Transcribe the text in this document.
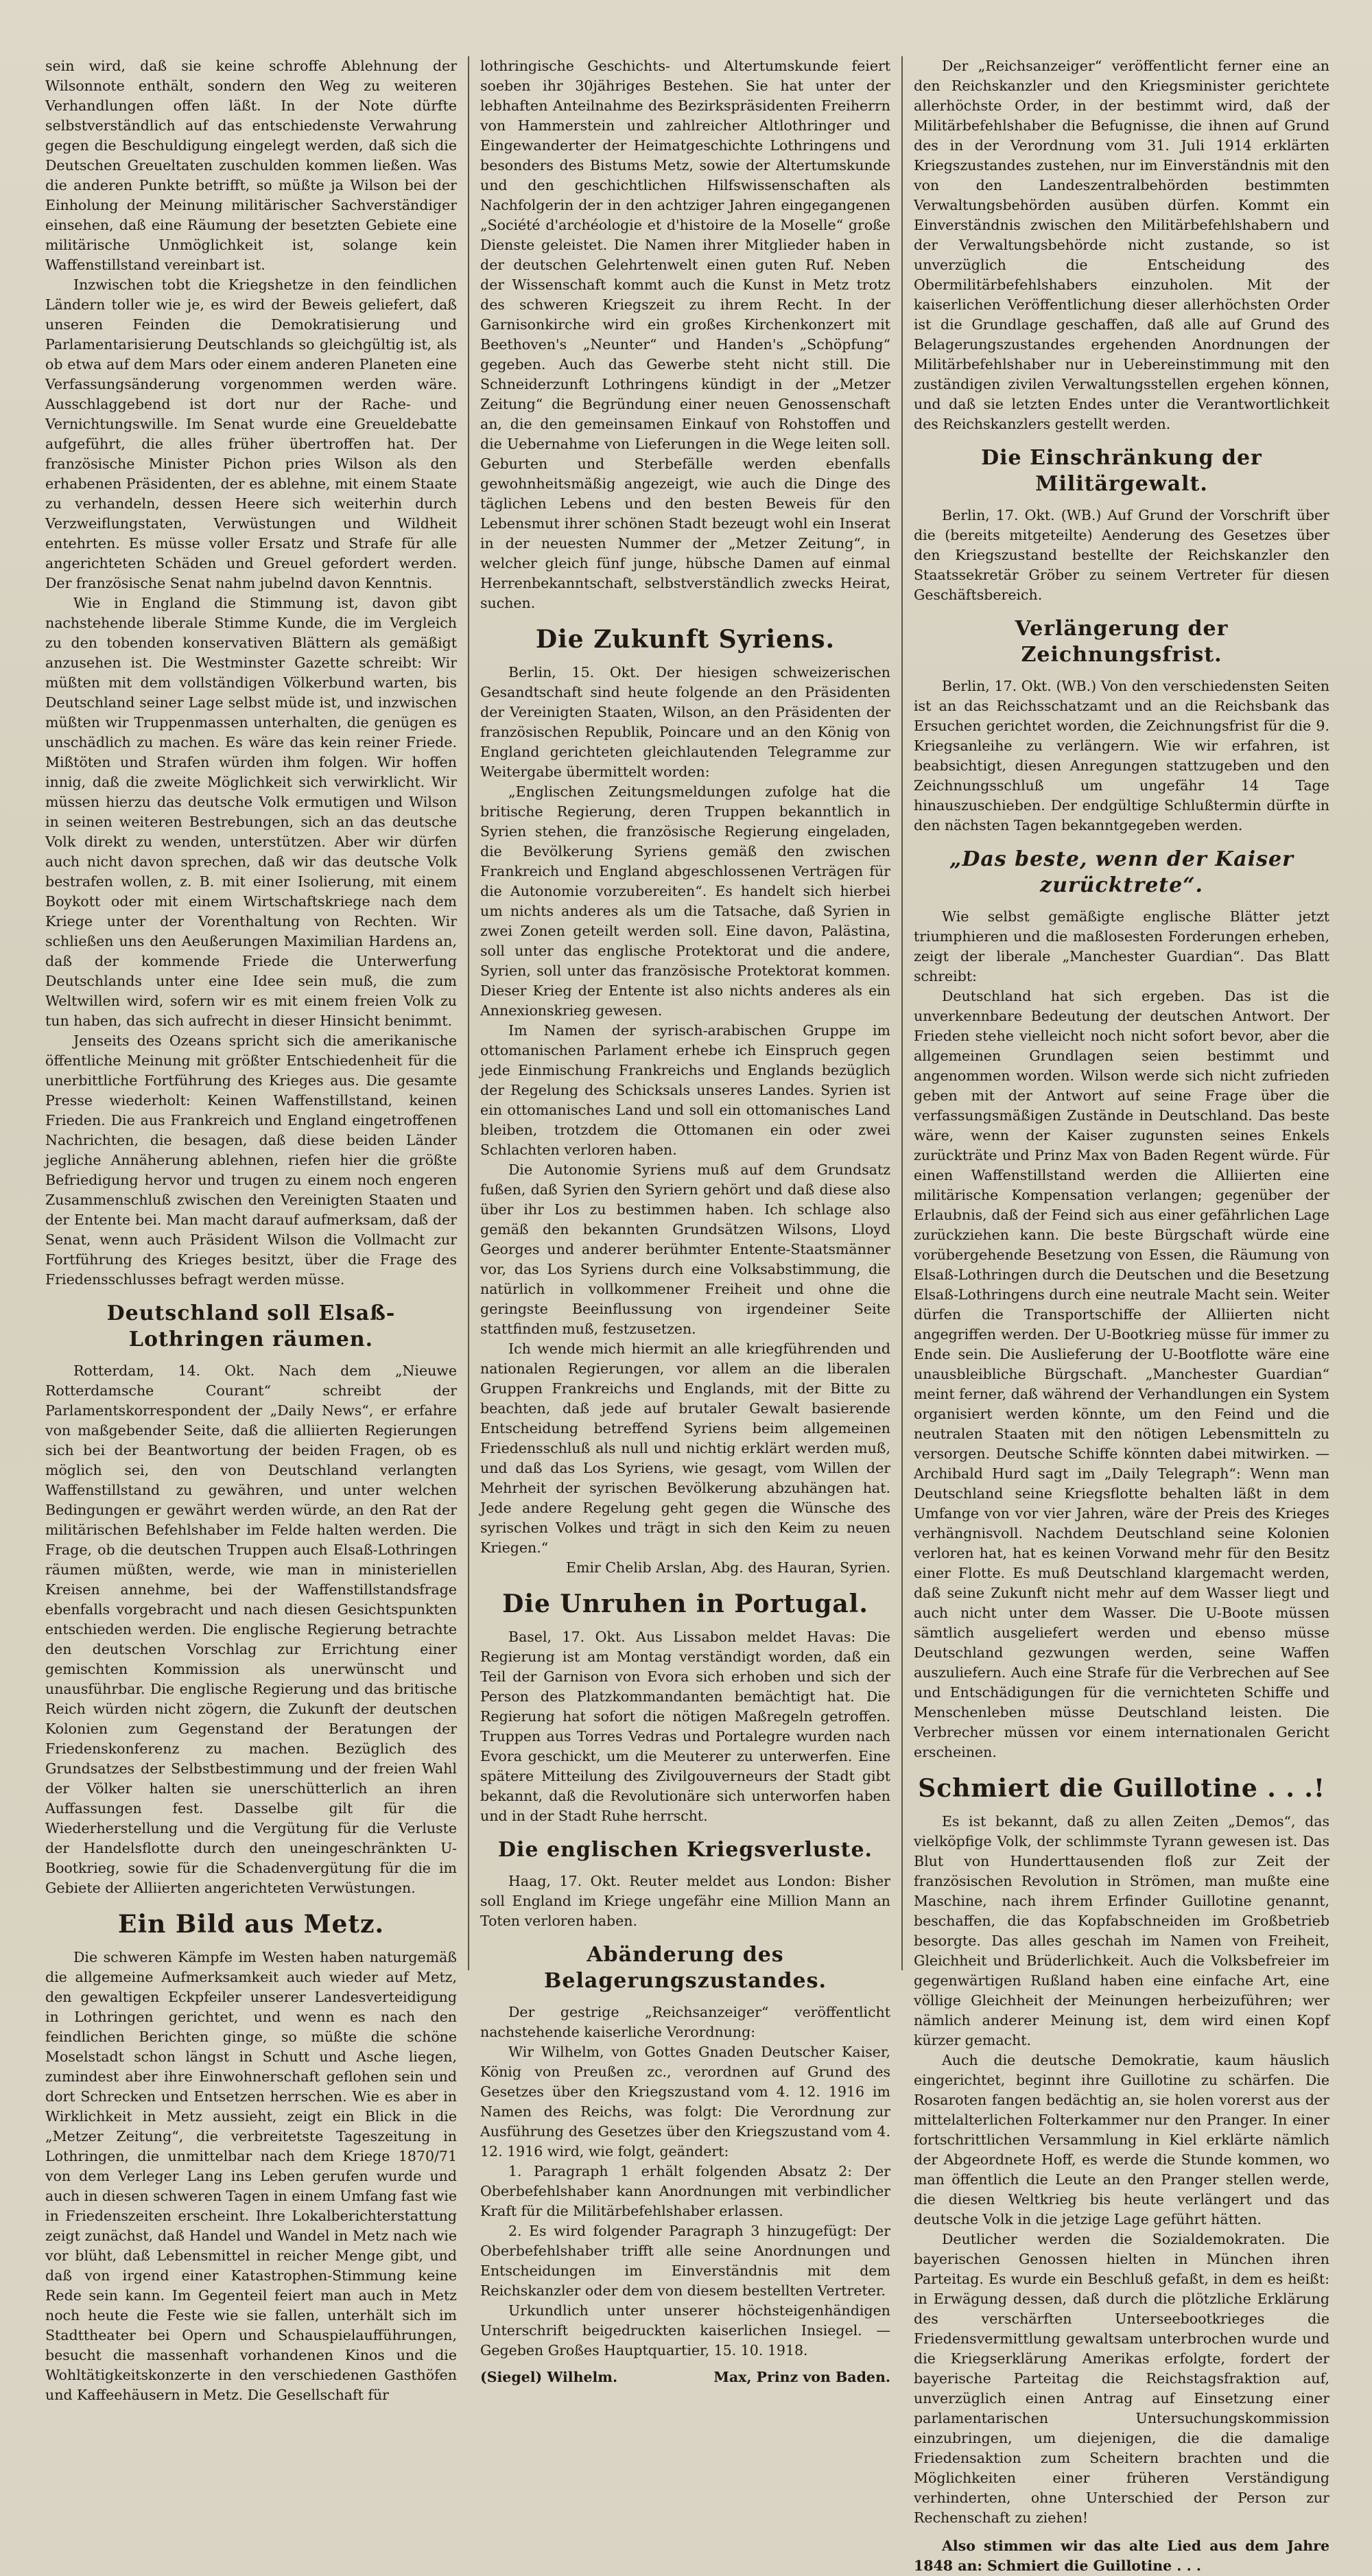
sein wird, daß sie keine schroffe Ablehnung der Wilsonnote enthält, sondern den Weg zu weiteren Verhandlungen offen läßt. In der Note dürfte selbstverständlich auf das entschiedenste Verwahrung gegen die Beschuldigung eingelegt werden, daß sich die Deutschen Greueltaten zuschulden kommen ließen. Was die anderen Punkte betrifft, so müßte ja Wilson bei der Einholung der Meinung militärischer Sachverständiger einsehen, daß eine Räumung der besetzten Gebiete eine militärische Unmöglichkeit ist, solange kein Waffenstillstand vereinbart ist.

Inzwischen tobt die Kriegshetze in den feindlichen Ländern toller wie je, es wird der Beweis geliefert, daß unseren Feinden die Demokratisierung und Parlamentarisierung Deutschlands so gleichgültig ist, als ob etwa auf dem Mars oder einem anderen Planeten eine Verfassungsänderung vorgenommen werden wäre. Ausschlaggebend ist dort nur der Rache- und Vernichtungswille. Im Senat wurde eine Greueldebatte aufgeführt, die alles früher übertroffen hat. Der französische Minister Pichon pries Wilson als den erhabenen Präsidenten, der es ablehne, mit einem Staate zu verhandeln, dessen Heere sich weiterhin durch Verzweiflungstaten, Verwüstungen und Wildheit entehrten. Es müsse voller Ersatz und Strafe für alle angerichteten Schäden und Greuel gefordert werden. Der französische Senat nahm jubelnd davon Kenntnis.

Wie in England die Stimmung ist, davon gibt nachstehende liberale Stimme Kunde, die im Vergleich zu den tobenden konservativen Blättern als gemäßigt anzusehen ist. Die Westminster Gazette schreibt: Wir müßten mit dem vollständigen Völkerbund warten, bis Deutschland seiner Lage selbst müde ist, und inzwischen müßten wir Truppenmassen unterhalten, die genügen es unschädlich zu machen. Es wäre das kein reiner Friede. Mißtöten und Strafen würden ihm folgen. Wir hoffen innig, daß die zweite Möglichkeit sich verwirklicht. Wir müssen hierzu das deutsche Volk ermutigen und Wilson in seinen weiteren Bestrebungen, sich an das deutsche Volk direkt zu wenden, unterstützen. Aber wir dürfen auch nicht davon sprechen, daß wir das deutsche Volk bestrafen wollen, z. B. mit einer Isolierung, mit einem Boykott oder mit einem Wirtschaftskriege nach dem Kriege unter der Vorenthaltung von Rechten. Wir schließen uns den Aeußerungen Maximilian Hardens an, daß der kommende Friede die Unterwerfung Deutschlands unter eine Idee sein muß, die zum Weltwillen wird, sofern wir es mit einem freien Volk zu tun haben, das sich aufrecht in dieser Hinsicht benimmt.

Jenseits des Ozeans spricht sich die amerikanische öffentliche Meinung mit größter Entschiedenheit für die unerbittliche Fortführung des Krieges aus. Die gesamte Presse wiederholt: Keinen Waffenstillstand, keinen Frieden. Die aus Frankreich und England eingetroffenen Nachrichten, die besagen, daß diese beiden Länder jegliche Annäherung ablehnen, riefen hier die größte Befriedigung hervor und trugen zu einem noch engeren Zusammenschluß zwischen den Vereinigten Staaten und der Entente bei. Man macht darauf aufmerksam, daß der Senat, wenn auch Präsident Wilson die Vollmacht zur Fortführung des Krieges besitzt, über die Frage des Friedensschlusses befragt werden müsse.

Deutschland soll Elsaß-Lothringen räumen.

Rotterdam, 14. Okt. Nach dem „Nieuwe Rotterdamsche Courant“ schreibt der Parlamentskorrespondent der „Daily News“, er erfahre von maßgebender Seite, daß die alliierten Regierungen sich bei der Beantwortung der beiden Fragen, ob es möglich sei, den von Deutschland verlangten Waffenstillstand zu gewähren, und unter welchen Bedingungen er gewährt werden würde, an den Rat der militärischen Befehlshaber im Felde halten werden. Die Frage, ob die deutschen Truppen auch Elsaß-Lothringen räumen müßten, werde, wie man in ministeriellen Kreisen annehme, bei der Waffenstillstandsfrage ebenfalls vorgebracht und nach diesen Gesichtspunkten entschieden werden. Die englische Regierung betrachte den deutschen Vorschlag zur Errichtung einer gemischten Kommission als unerwünscht und unausführbar. Die englische Regierung und das britische Reich würden nicht zögern, die Zukunft der deutschen Kolonien zum Gegenstand der Beratungen der Friedenskonferenz zu machen. Bezüglich des Grundsatzes der Selbstbestimmung und der freien Wahl der Völker halten sie unerschütterlich an ihren Auffassungen fest. Dasselbe gilt für die Wiederherstellung und die Vergütung für die Verluste der Handelsflotte durch den uneingeschränkten U-Bootkrieg, sowie für die Schadenvergütung für die im Gebiete der Alliierten angerichteten Verwüstungen.

Ein Bild aus Metz.

Die schweren Kämpfe im Westen haben naturgemäß die allgemeine Aufmerksamkeit auch wieder auf Metz, den gewaltigen Eckpfeiler unserer Landesverteidigung in Lothringen gerichtet, und wenn es nach den feindlichen Berichten ginge, so müßte die schöne Moselstadt schon längst in Schutt und Asche liegen, zumindest aber ihre Einwohnerschaft geflohen sein und dort Schrecken und Entsetzen herrschen. Wie es aber in Wirklichkeit in Metz aussieht, zeigt ein Blick in die „Metzer Zeitung“, die verbreitetste Tageszeitung in Lothringen, die unmittelbar nach dem Kriege 1870/71 von dem Verleger Lang ins Leben gerufen wurde und auch in diesen schweren Tagen in einem Umfang fast wie in Friedenszeiten erscheint. Ihre Lokalberichterstattung zeigt zunächst, daß Handel und Wandel in Metz nach wie vor blüht, daß Lebensmittel in reicher Menge gibt, und daß von irgend einer Katastrophen-Stimmung keine Rede sein kann. Im Gegenteil feiert man auch in Metz noch heute die Feste wie sie fallen, unterhält sich im Stadttheater bei Opern und Schauspielaufführungen, besucht die massenhaft vorhandenen Kinos und die Wohltätigkeitskonzerte in den verschiedenen Gasthöfen und Kaffeehäusern in Metz. Die Gesellschaft für

lothringische Geschichts- und Altertumskunde feiert soeben ihr 30jähriges Bestehen. Sie hat unter der lebhaften Anteilnahme des Bezirkspräsidenten Freiherrn von Hammerstein und zahlreicher Altlothringer und Eingewanderter der Heimatgeschichte Lothringens und besonders des Bistums Metz, sowie der Altertumskunde und den geschichtlichen Hilfswissenschaften als Nachfolgerin der in den achtziger Jahren eingegangenen „Société d'archéologie et d'histoire de la Moselle“ große Dienste geleistet. Die Namen ihrer Mitglieder haben in der deutschen Gelehrtenwelt einen guten Ruf. Neben der Wissenschaft kommt auch die Kunst in Metz trotz des schweren Kriegszeit zu ihrem Recht. In der Garnisonkirche wird ein großes Kirchenkonzert mit Beethoven's „Neunter“ und Handen's „Schöpfung“ gegeben. Auch das Gewerbe steht nicht still. Die Schneiderzunft Lothringens kündigt in der „Metzer Zeitung“ die Begründung einer neuen Genossenschaft an, die den gemeinsamen Einkauf von Rohstoffen und die Uebernahme von Lieferungen in die Wege leiten soll. Geburten und Sterbefälle werden ebenfalls gewohnheitsmäßig angezeigt, wie auch die Dinge des täglichen Lebens und den besten Beweis für den Lebensmut ihrer schönen Stadt bezeugt wohl ein Inserat in der neuesten Nummer der „Metzer Zeitung“, in welcher gleich fünf junge, hübsche Damen auf einmal Herrenbekanntschaft, selbstverständlich zwecks Heirat, suchen.

Die Zukunft Syriens.

Berlin, 15. Okt. Der hiesigen schweizerischen Gesandtschaft sind heute folgende an den Präsidenten der Vereinigten Staaten, Wilson, an den Präsidenten der französischen Republik, Poincare und an den König von England gerichteten gleichlautenden Telegramme zur Weitergabe übermittelt worden:

„Englischen Zeitungsmeldungen zufolge hat die britische Regierung, deren Truppen bekanntlich in Syrien stehen, die französische Regierung eingeladen, die Bevölkerung Syriens gemäß den zwischen Frankreich und England abgeschlossenen Verträgen für die Autonomie vorzubereiten“. Es handelt sich hierbei um nichts anderes als um die Tatsache, daß Syrien in zwei Zonen geteilt werden soll. Eine davon, Palästina, soll unter das englische Protektorat und die andere, Syrien, soll unter das französische Protektorat kommen. Dieser Krieg der Entente ist also nichts anderes als ein Annexionskrieg gewesen.

Im Namen der syrisch-arabischen Gruppe im ottomanischen Parlament erhebe ich Einspruch gegen jede Einmischung Frankreichs und Englands bezüglich der Regelung des Schicksals unseres Landes. Syrien ist ein ottomanisches Land und soll ein ottomanisches Land bleiben, trotzdem die Ottomanen ein oder zwei Schlachten verloren haben.

Die Autonomie Syriens muß auf dem Grundsatz fußen, daß Syrien den Syriern gehört und daß diese also über ihr Los zu bestimmen haben. Ich schlage also gemäß den bekannten Grundsätzen Wilsons, Lloyd Georges und anderer berühmter Entente-Staatsmänner vor, das Los Syriens durch eine Volksabstimmung, die natürlich in vollkommener Freiheit und ohne die geringste Beeinflussung von irgendeiner Seite stattfinden muß, festzusetzen.

Ich wende mich hiermit an alle kriegführenden und nationalen Regierungen, vor allem an die liberalen Gruppen Frankreichs und Englands, mit der Bitte zu beachten, daß jede auf brutaler Gewalt basierende Entscheidung betreffend Syriens beim allgemeinen Friedensschluß als null und nichtig erklärt werden muß, und daß das Los Syriens, wie gesagt, vom Willen der Mehrheit der syrischen Bevölkerung abzuhängen hat. Jede andere Regelung geht gegen die Wünsche des syrischen Volkes und trägt in sich den Keim zu neuen Kriegen.“

Emir Chelib Arslan, Abg. des Hauran, Syrien.

Die Unruhen in Portugal.

Basel, 17. Okt. Aus Lissabon meldet Havas: Die Regierung ist am Montag verständigt worden, daß ein Teil der Garnison von Evora sich erhoben und sich der Person des Platzkommandanten bemächtigt hat. Die Regierung hat sofort die nötigen Maßregeln getroffen. Truppen aus Torres Vedras und Portalegre wurden nach Evora geschickt, um die Meuterer zu unterwerfen. Eine spätere Mitteilung des Zivilgouverneurs der Stadt gibt bekannt, daß die Revolutionäre sich unterworfen haben und in der Stadt Ruhe herrscht.

Die englischen Kriegsverluste.

Haag, 17. Okt. Reuter meldet aus London: Bisher soll England im Kriege ungefähr eine Million Mann an Toten verloren haben.

Abänderung des Belagerungszustandes.

Der gestrige „Reichsanzeiger“ veröffentlicht nachstehende kaiserliche Verordnung:

Wir Wilhelm, von Gottes Gnaden Deutscher Kaiser, König von Preußen zc., verordnen auf Grund des Gesetzes über den Kriegszustand vom 4. 12. 1916 im Namen des Reichs, was folgt: Die Verordnung zur Ausführung des Gesetzes über den Kriegszustand vom 4. 12. 1916 wird, wie folgt, geändert:

1. Paragraph 1 erhält folgenden Absatz 2: Der Oberbefehlshaber kann Anordnungen mit verbindlicher Kraft für die Militärbefehlshaber erlassen.

2. Es wird folgender Paragraph 3 hinzugefügt: Der Oberbefehlshaber trifft alle seine Anordnungen und Entscheidungen im Einverständnis mit dem Reichskanzler oder dem von diesem bestellten Vertreter.

Urkundlich unter unserer höchsteigenhändigen Unterschrift beigedruckten kaiserlichen Insiegel. — Gegeben Großes Hauptquartier, 15. 10. 1918.

(Siegel) Wilhelm.	Max, Prinz von Baden.

Der „Reichsanzeiger“ veröffentlicht ferner eine an den Reichskanzler und den Kriegsminister gerichtete allerhöchste Order, in der bestimmt wird, daß der Militärbefehlshaber die Befugnisse, die ihnen auf Grund des in der Verordnung vom 31. Juli 1914 erklärten Kriegszustandes zustehen, nur im Einverständnis mit den von den Landeszentralbehörden bestimmten Verwaltungsbehörden ausüben dürfen. Kommt ein Einverständnis zwischen den Militärbefehlshabern und der Verwaltungsbehörde nicht zustande, so ist unverzüglich die Entscheidung des Obermilitärbefehlshabers einzuholen. Mit der kaiserlichen Veröffentlichung dieser allerhöchsten Order ist die Grundlage geschaffen, daß alle auf Grund des Belagerungszustandes ergehenden Anordnungen der Militärbefehlshaber nur in Uebereinstimmung mit den zuständigen zivilen Verwaltungsstellen ergehen können, und daß sie letzten Endes unter die Verantwortlichkeit des Reichskanzlers gestellt werden.

Die Einschränkung der Militärgewalt.

Berlin, 17. Okt. (WB.) Auf Grund der Vorschrift über die (bereits mitgeteilte) Aenderung des Gesetzes über den Kriegszustand bestellte der Reichskanzler den Staatssekretär Gröber zu seinem Vertreter für diesen Geschäftsbereich.

Verlängerung der Zeichnungsfrist.

Berlin, 17. Okt. (WB.) Von den verschiedensten Seiten ist an das Reichsschatzamt und an die Reichsbank das Ersuchen gerichtet worden, die Zeichnungsfrist für die 9. Kriegsanleihe zu verlängern. Wie wir erfahren, ist beabsichtigt, diesen Anregungen stattzugeben und den Zeichnungsschluß um ungefähr 14 Tage hinauszuschieben. Der endgültige Schlußtermin dürfte in den nächsten Tagen bekanntgegeben werden.

„Das beste, wenn der Kaiser zurücktrete“.

Wie selbst gemäßigte englische Blätter jetzt triumphieren und die maßlosesten Forderungen erheben, zeigt der liberale „Manchester Guardian“. Das Blatt schreibt:

Deutschland hat sich ergeben. Das ist die unverkennbare Bedeutung der deutschen Antwort. Der Frieden stehe vielleicht noch nicht sofort bevor, aber die allgemeinen Grundlagen seien bestimmt und angenommen worden. Wilson werde sich nicht zufrieden geben mit der Antwort auf seine Frage über die verfassungsmäßigen Zustände in Deutschland. Das beste wäre, wenn der Kaiser zugunsten seines Enkels zurückträte und Prinz Max von Baden Regent würde. Für einen Waffenstillstand werden die Alliierten eine militärische Kompensation verlangen; gegenüber der Erlaubnis, daß der Feind sich aus einer gefährlichen Lage zurückziehen kann. Die beste Bürgschaft würde eine vorübergehende Besetzung von Essen, die Räumung von Elsaß-Lothringen durch die Deutschen und die Besetzung Elsaß-Lothringens durch eine neutrale Macht sein. Weiter dürfen die Transportschiffe der Alliierten nicht angegriffen werden. Der U-Bootkrieg müsse für immer zu Ende sein. Die Auslieferung der U-Bootflotte wäre eine unausbleibliche Bürgschaft. „Manchester Guardian“ meint ferner, daß während der Verhandlungen ein System organisiert werden könnte, um den Feind und die neutralen Staaten mit den nötigen Lebensmitteln zu versorgen. Deutsche Schiffe könnten dabei mitwirken. — Archibald Hurd sagt im „Daily Telegraph“: Wenn man Deutschland seine Kriegsflotte behalten läßt in dem Umfange von vor vier Jahren, wäre der Preis des Krieges verhängnisvoll. Nachdem Deutschland seine Kolonien verloren hat, hat es keinen Vorwand mehr für den Besitz einer Flotte. Es muß Deutschland klargemacht werden, daß seine Zukunft nicht mehr auf dem Wasser liegt und auch nicht unter dem Wasser. Die U-Boote müssen sämtlich ausgeliefert werden und ebenso müsse Deutschland gezwungen werden, seine Waffen auszuliefern. Auch eine Strafe für die Verbrechen auf See und Entschädigungen für die vernichteten Schiffe und Menschenleben müsse Deutschland leisten. Die Verbrecher müssen vor einem internationalen Gericht erscheinen.

Schmiert die Guillotine . . .!

Es ist bekannt, daß zu allen Zeiten „Demos“, das vielköpfige Volk, der schlimmste Tyrann gewesen ist. Das Blut von Hunderttausenden floß zur Zeit der französischen Revolution in Strömen, man mußte eine Maschine, nach ihrem Erfinder Guillotine genannt, beschaffen, die das Kopfabschneiden im Großbetrieb besorgte. Das alles geschah im Namen von Freiheit, Gleichheit und Brüderlichkeit. Auch die Volksbefreier im gegenwärtigen Rußland haben eine einfache Art, eine völlige Gleichheit der Meinungen herbeizuführen; wer nämlich anderer Meinung ist, dem wird einen Kopf kürzer gemacht.

Auch die deutsche Demokratie, kaum häuslich eingerichtet, beginnt ihre Guillotine zu schärfen. Die Rosaroten fangen bedächtig an, sie holen vorerst aus der mittelalterlichen Folterkammer nur den Pranger. In einer fortschrittlichen Versammlung in Kiel erklärte nämlich der Abgeordnete Hoff, es werde die Stunde kommen, wo man öffentlich die Leute an den Pranger stellen werde, die diesen Weltkrieg bis heute verlängert und das deutsche Volk in die jetzige Lage geführt hätten.

Deutlicher werden die Sozialdemokraten. Die bayerischen Genossen hielten in München ihren Parteitag. Es wurde ein Beschluß gefaßt, in dem es heißt: in Erwägung dessen, daß durch die plötzliche Erklärung des verschärften Unterseebootkrieges die Friedensvermittlung gewaltsam unterbrochen wurde und die Kriegserklärung Amerikas erfolgte, fordert der bayerische Parteitag die Reichstagsfraktion auf, unverzüglich einen Antrag auf Einsetzung einer parlamentarischen Untersuchungskommission einzubringen, um diejenigen, die die damalige Friedensaktion zum Scheitern brachten und die Möglichkeiten einer früheren Verständigung verhinderten, ohne Unterschied der Person zur Rechenschaft zu ziehen!

Also stimmen wir das alte Lied aus dem Jahre 1848 an: Schmiert die Guillotine . . .
